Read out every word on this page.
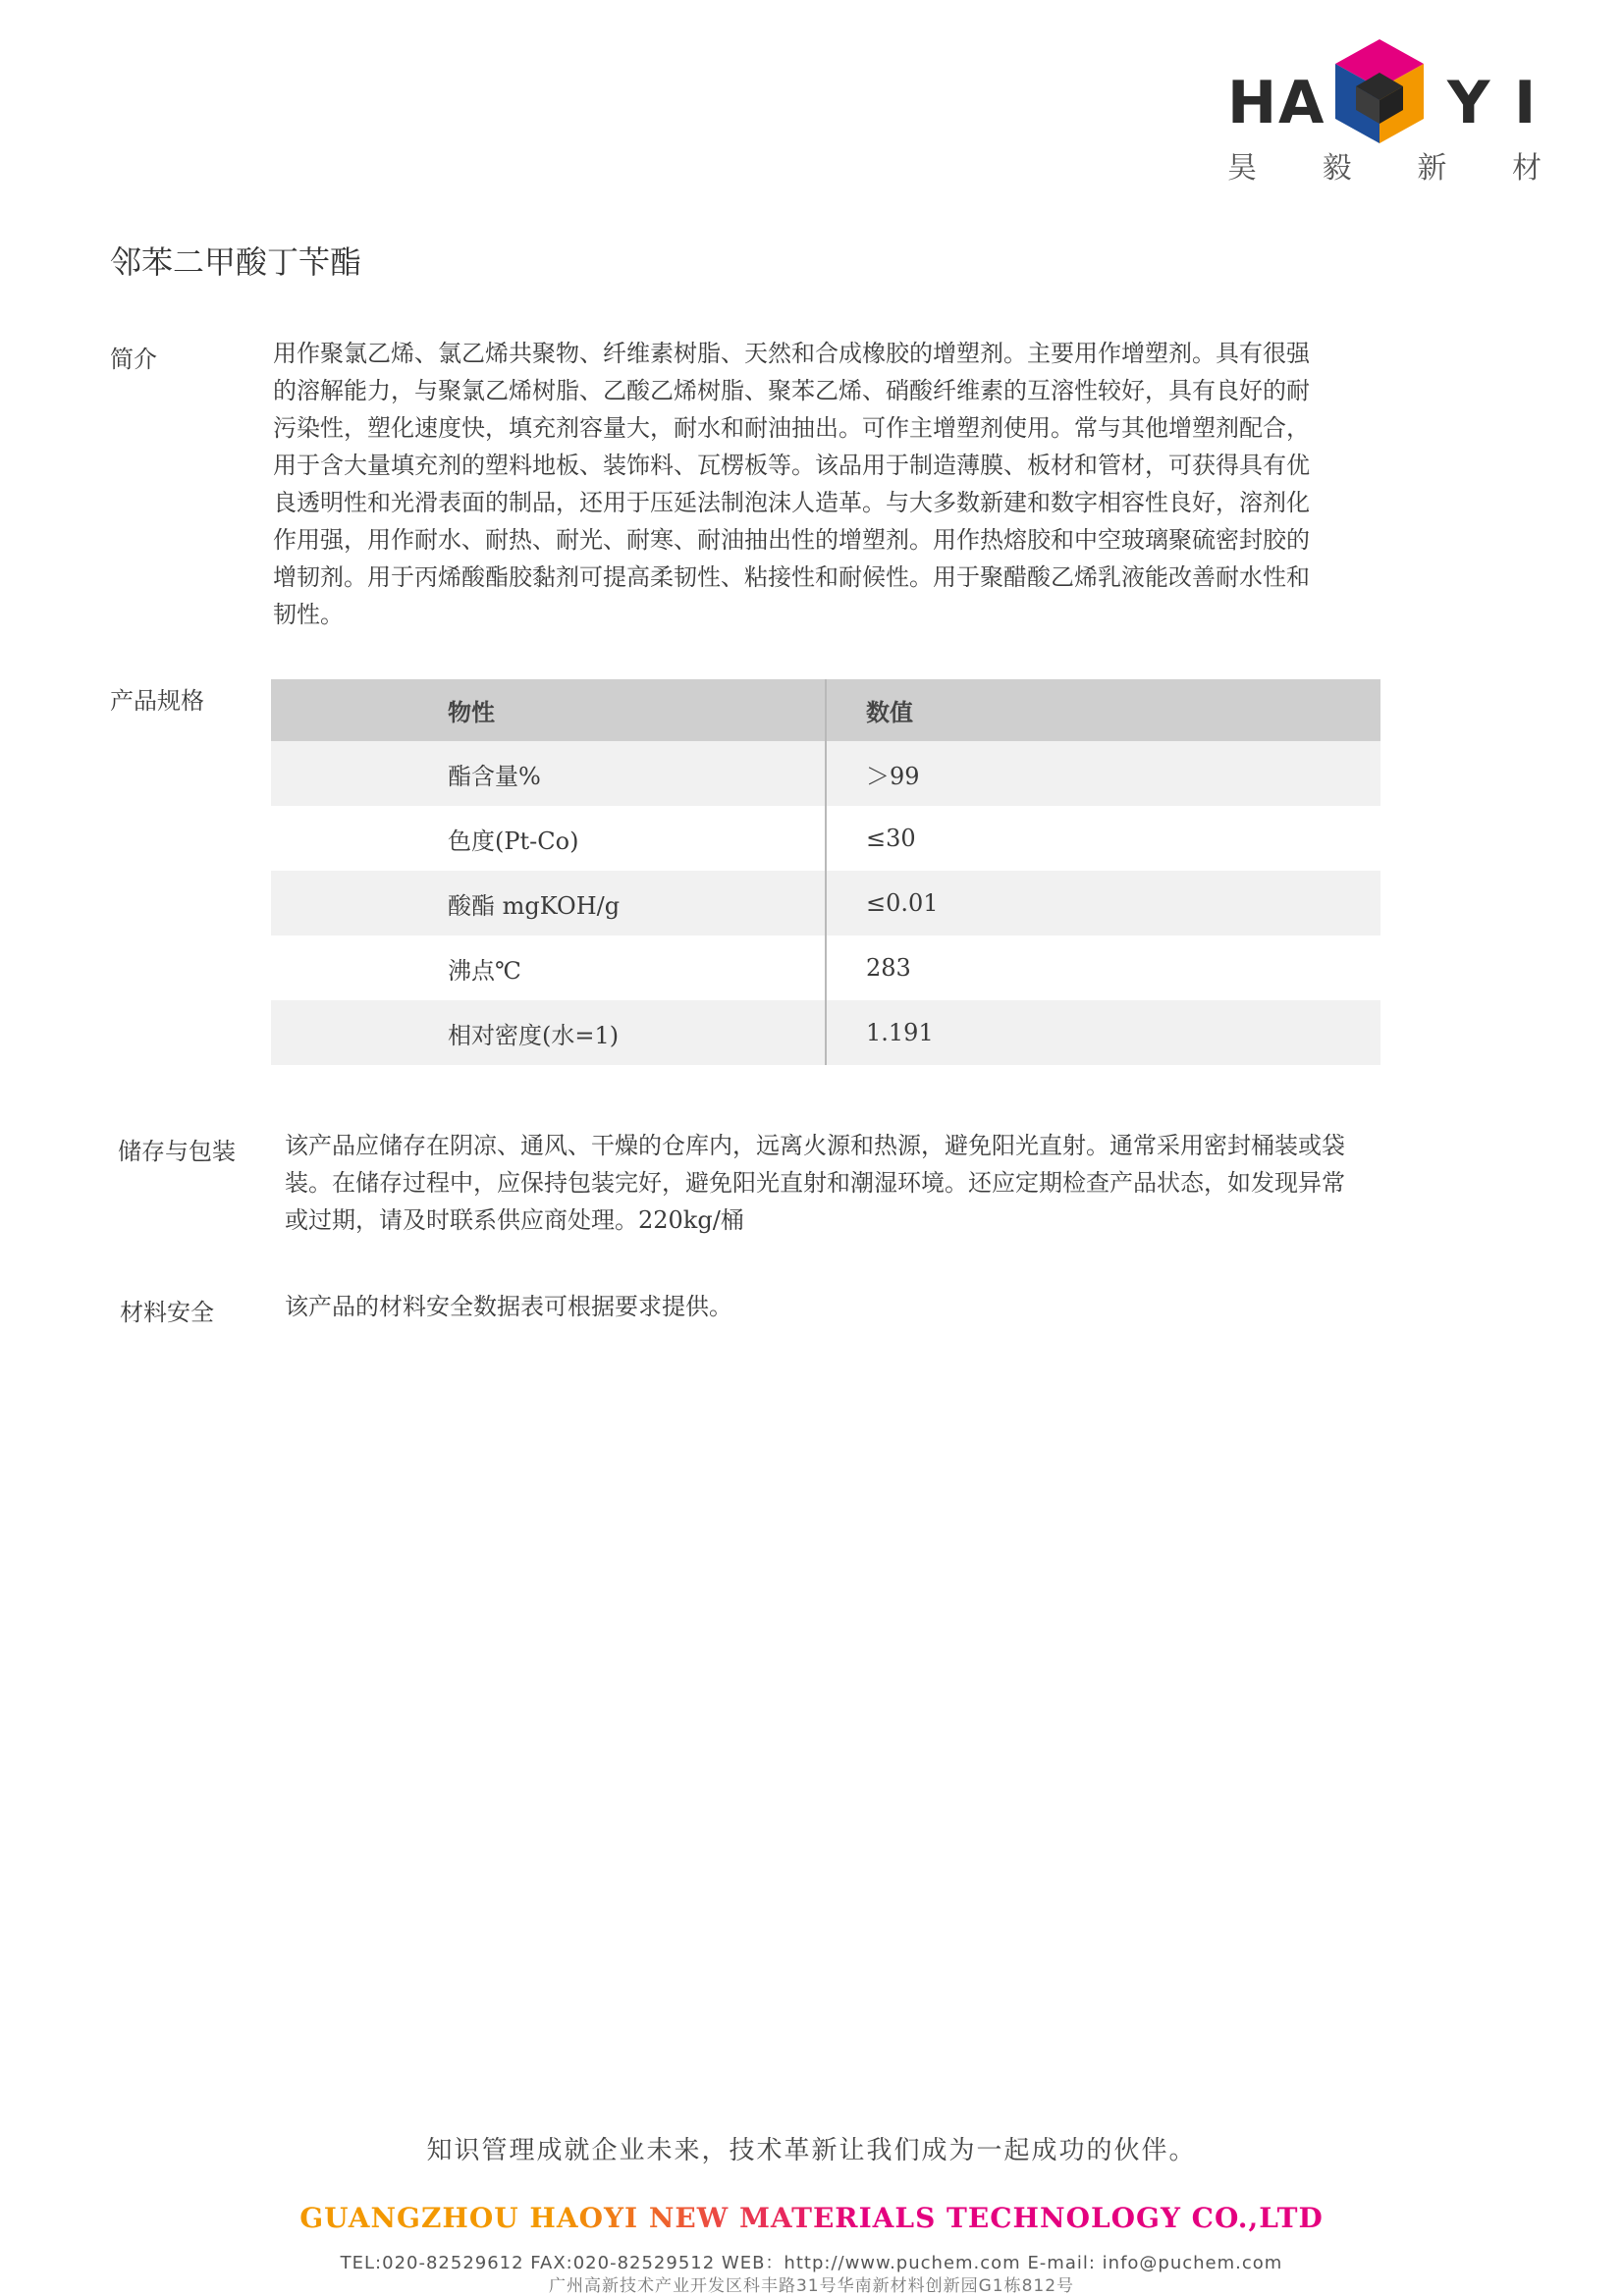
H A Y I
昊 毅 新 材
邻苯二甲酸丁苄酯
简介	用作聚氯乙烯、氯乙烯共聚物、纤维素树脂、天然和合成橡胶的增塑剂。主要用作增塑剂。具有很强
的溶解能力，与聚氯乙烯树脂、乙酸乙烯树脂、聚苯乙烯、硝酸纤维素的互溶性较好，具有良好的耐
污染性，塑化速度快，填充剂容量大，耐水和耐油抽出。可作主增塑剂使用。常与其他增塑剂配合，
用于含大量填充剂的塑料地板、装饰料、瓦楞板等。该品用于制造薄膜、板材和管材，可获得具有优
良透明性和光滑表面的制品，还用于压延法制泡沫人造革。与大多数新建和数字相容性良好，溶剂化
作用强，用作耐水、耐热、耐光、耐寒、耐油抽出性的增塑剂。用作热熔胶和中空玻璃聚硫密封胶的
增韧剂。用于丙烯酸酯胶黏剂可提高柔韧性、粘接性和耐候性。用于聚醋酸乙烯乳液能改善耐水性和
韧性。
产品规格	物性	数值
酯含量%	＞99
色度(Pt-Co)	≤30
酸酯 mgKOH/g	≤0.01
沸点℃	283
相对密度(水=1)	1.191
储存与包装 该产品应储存在阴凉、通风、干燥的仓库内，远离火源和热源，避免阳光直射。通常采用密封桶装或袋
装。在储存过程中，应保持包装完好，避免阳光直射和潮湿环境。还应定期检查产品状态，如发现异常
或过期，请及时联系供应商处理。220kg/桶
材料安全	该产品的材料安全数据表可根据要求提供。
知识管理成就企业未来，技术革新让我们成为一起成功的伙伴。
GUANGZHOU HAOYI NEW MATERIALS TECHNOLOGY CO.,LTD
TEL:020-82529612 FAX:020-82529512 WEB：http://www.puchem.com E-mail: info@puchem.com
广州高新技术产业开发区科丰路31号华南新材料创新园G1栋812号
